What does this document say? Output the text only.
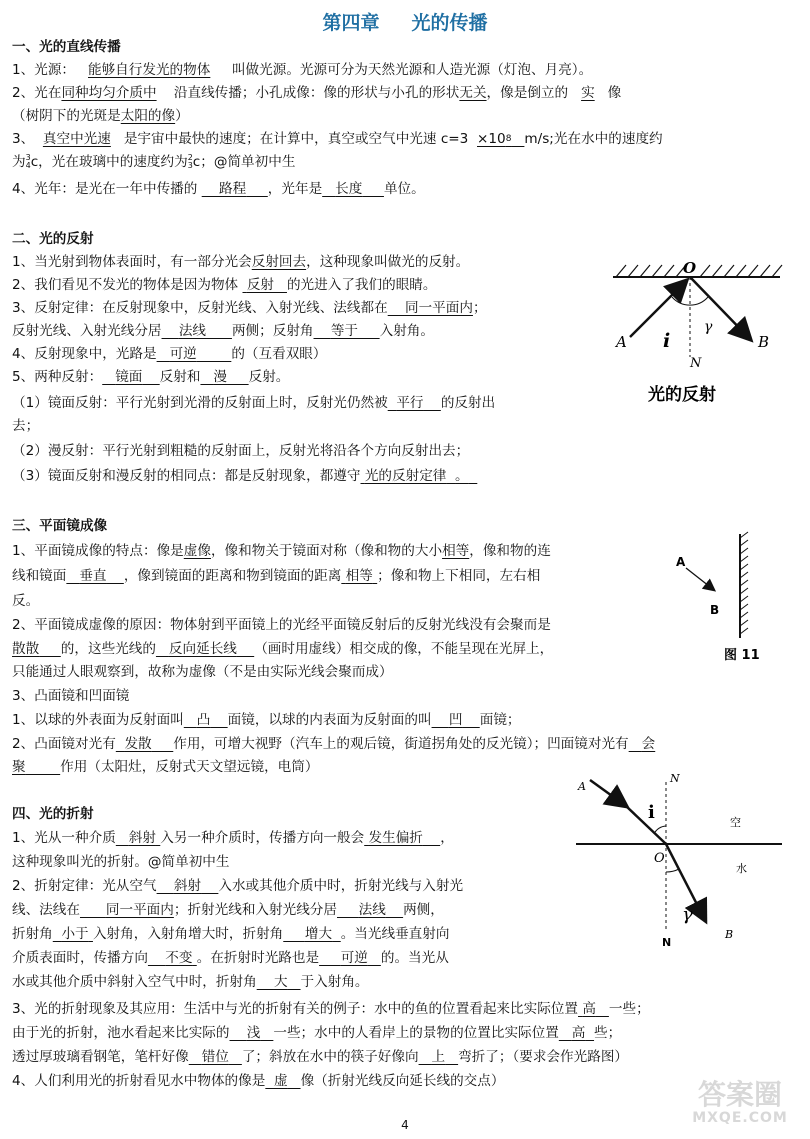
第四章 光的传播
一、光的直线传播
1、光源： 能够自行发光的物体 叫做光源。光源可分为天然光源和人造光源（灯泡、月亮）。
2、光在同种均匀介质中 沿直线传播；小孔成像：像的形状与小孔的形状无关，像是倒立的 实 像
（树阴下的光斑是太阳的像）
3、 真空中光速 是宇宙中最快的速度；在计算中，真空或空气中光速 $c=3 \times 10^8$ m/s;光在水中的速度约
为3
4c，光在玻璃中的速度约为2
3c；@简单初中生
4、光年：是光在一年中传播的 路程 ，光年是 长度 单位。
二、光的反射
1、当光射到物体表面时，有一部分光会反射回去，这种现象叫做光的反射。
2、我们看见不发光的物体是因为物体 反射 的光进入了我们的眼睛。
3、反射定律：在反射现象中，反射光线、入射光线、法线都在 同一平面内；
反射光线、入射光线分居 法线 两侧；反射角 等于 入射角。
4、反射现象中，光路是 可逆	的（互看双眼）
5、两种反射： 镜面 反射和 漫 反射。
（1）镜面反射：平行光射到光滑的反射面上时，反射光仍然被 平行 的反射出
去；
（2）漫反射：平行光射到粗糙的反射面上，反射光将沿各个方向反射出去；
（3）镜面反射和漫反射的相同点：都是反射现象，都遵守 光的反射定律 。
O
A	B
N
i
γ
光的反射
三、平面镜成像
1、平面镜成像的特点：像是虚像，像和物关于镜面对称（像和物的大小相等，像和物的连
线和镜面 垂直 ，像到镜面的距离和物到镜面的距离 相等 ；像和物上下相同，左右相
反。
2、平面镜成虚像的原因：物体射到平面镜上的光经平面镜反射后的反射光线没有会聚而是
散散 的，这些光线的 反向延长线 （画时用虚线）相交成的像，不能呈现在光屏上，
只能通过人眼观察到，故称为虚像（不是由实际光线会聚而成）
3、凸面镜和凹面镜
1、以球的外表面为反射面叫 凸 面镜，以球的内表面为反射面的叫 凹 面镜；
2、凸面镜对光有 发散 作用，可增大视野（汽车上的观后镜，街道拐角处的反光镜）；凹面镜对光有 会
聚	作用（太阳灶，反射式天文望远镜，电筒）
A
B
图 11
四、光的折射
1、光从一种介质 斜射 入另一种介质时，传播方向一般会 发生偏折 ，
这种现象叫光的折射。@简单初中生
2、折射定律：光从空气 斜射 入水或其他介质中时，折射光线与入射光
线、法线在 同一平面内；折射光线和入射光线分居 法线 两侧，
折射角 小于 入射角，入射角增大时，折射角 增大 。当光线垂直射向
介质表面时，传播方向 不变 。在折射时光路也是 可逆 的。当光从
水或其他介质中斜射入空气中时，折射角 大 于入射角。
3、光的折射现象及其应用：生活中与光的折射有关的例子：水中的鱼的位置看起来比实际位置 高 一些；
由于光的折射，池水看起来比实际的 浅 一些；水中的人看岸上的景物的位置比实际位置 高 些；
透过厚玻璃看钢笔，笔杆好像 错位 了；斜放在水中的筷子好像向 上 弯折了；（要求会作光路图）
4、人们利用光的折射看见水中物体的像是 虚 像（折射光线反向延长线的交点）
A
N
i	空
O
水
γ
B
N
答案圈
MXQE.COM
4
